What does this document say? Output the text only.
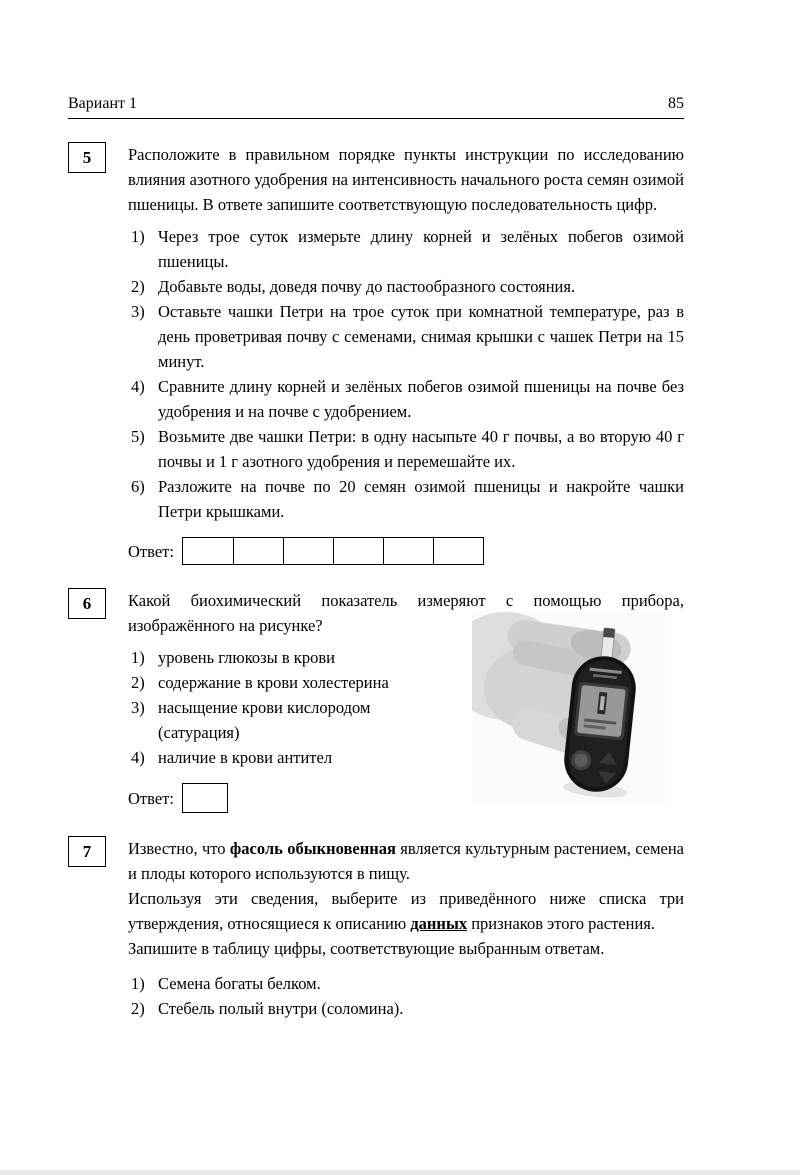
Вариант 1	85
5	Расположите в правильном порядке пункты инструкции по исследованию влияния азотного удобрения на интенсивность начального роста семян озимой пшеницы. В ответе запишите соответствующую последовательность цифр.

1) Через трое суток измерьте длину корней и зелёных побегов озимой пшеницы.
2) Добавьте воды, доведя почву до пастообразного состояния.
3) Оставьте чашки Петри на трое суток при комнатной температуре, раз в день проветривая почву с семенами, снимая крышки с чашек Петри на 15 минут.
4) Сравните длину корней и зелёных побегов озимой пшеницы на почве без удобрения и на почве с удобрением.
5) Возьмите две чашки Петри: в одну насыпьте 40 г почвы, а во вторую 40 г почвы и 1 г азотного удобрения и перемешайте их.
6) Разложите на почве по 20 семян озимой пшеницы и накройте чашки Петри крышками.
Ответ:
6	Какой биохимический показатель измеряют с помощью прибора, изображённого на рисунке?

1) уровень глюкозы в крови
2) содержание в крови холестерина
3) насыщение крови кислородом (сатурация)
4) наличие в крови антител
Ответ:
7	Известно, что фасоль обыкновенная является культурным растением, семена и плоды которого используются в пищу.

Используя эти сведения, выберите из приведённого ниже списка три утверждения, относящиеся к описанию данных признаков этого растения.

Запишите в таблицу цифры, соответствующие выбранным ответам.

1) Семена богаты белком.
2) Стебель полый внутри (соломина).
